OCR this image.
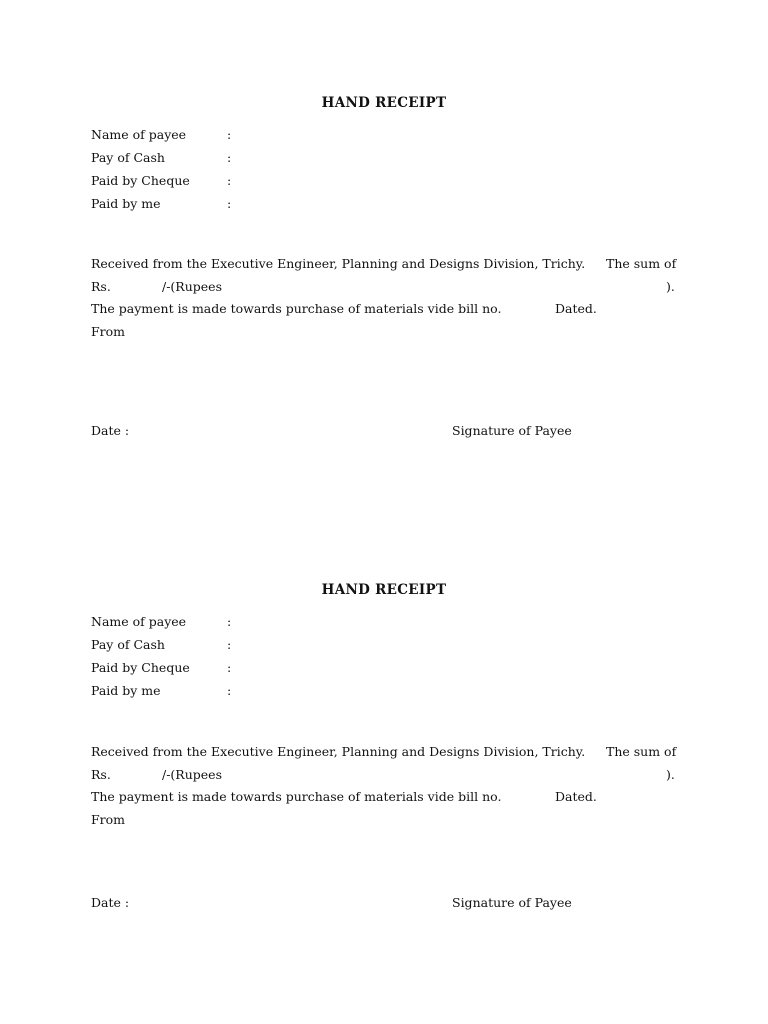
HAND RECEIPT
Name of payee	:
Pay of Cash	:
Paid by Cheque	:
Paid by me	:
Received from the Executive Engineer, Planning and Designs Division, Trichy. The sum of
Rs.	/-(Rupees	).
The payment is made towards purchase of materials vide bill no.	Dated.
From
Date :	Signature of Payee
HAND RECEIPT
Name of payee	:
Pay of Cash	:
Paid by Cheque	:
Paid by me	:
Received from the Executive Engineer, Planning and Designs Division, Trichy. The sum of
Rs.	/-(Rupees	).
The payment is made towards purchase of materials vide bill no.	Dated.
From
Date :	Signature of Payee
